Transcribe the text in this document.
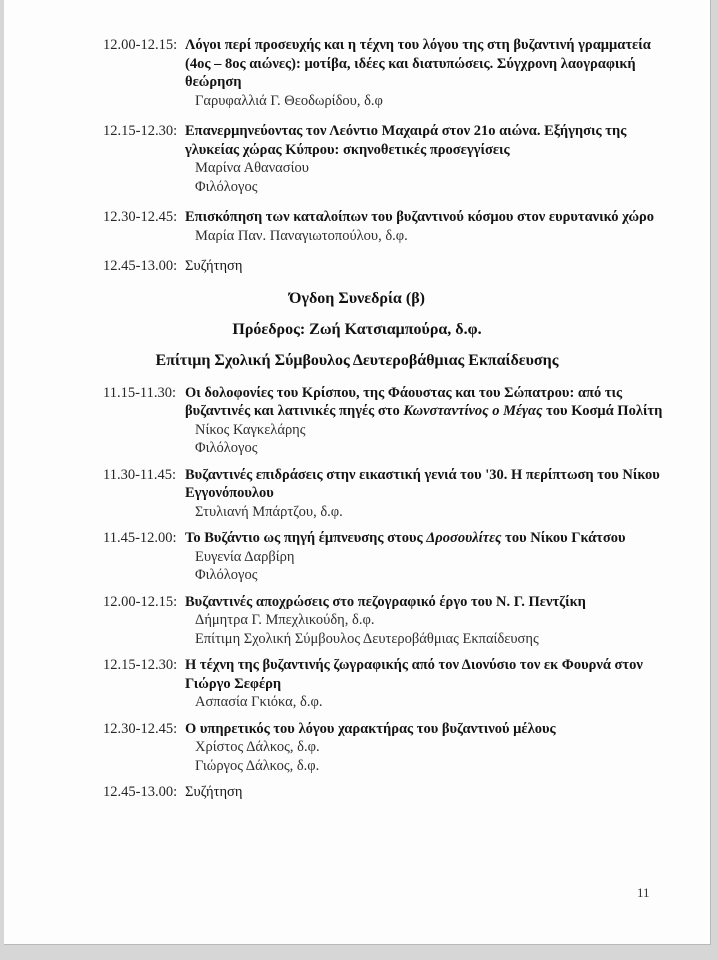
12.00-12.15: Λόγοι περί προσευχής και η τέχνη του λόγου της στη βυζαντινή γραμματεία (4ος – 8ος αιώνες): μοτίβα, ιδέες και διατυπώσεις. Σύγχρονη λαογραφική θεώρηση
Γαρυφαλλιά Γ. Θεοδωρίδου, δ.φ
12.15-12.30: Επανερμηνεύοντας τον Λεόντιο Μαχαιρά στον 21ο αιώνα. Εξήγησις της γλυκείας χώρας Κύπρου: σκηνοθετικές προσεγγίσεις
Μαρίνα Αθανασίου
Φιλόλογος
12.30-12.45: Επισκόπηση των καταλοίπων του βυζαντινού κόσμου στον ευρυτανικό χώρο
Μαρία Παν. Παναγιωτοπούλου, δ.φ.
12.45-13.00: Συζήτηση
Όγδοη Συνεδρία (β)
Πρόεδρος: Ζωή Κατσιαμπούρα, δ.φ.
Επίτιμη Σχολική Σύμβουλος Δευτεροβάθμιας Εκπαίδευσης
11.15-11.30: Οι δολοφονίες του Κρίσπου, της Φάουστας και του Σώπατρου: από τις βυζαντινές και λατινικές πηγές στο Κωνσταντίνος ο Μέγας του Κοσμά Πολίτη
Νίκος Καγκελάρης
Φιλόλογος
11.30-11.45: Βυζαντινές επιδράσεις στην εικαστική γενιά του '30. Η περίπτωση του Νίκου Εγγονόπουλου
Στυλιανή Μπάρτζου, δ.φ.
11.45-12.00: Το Βυζάντιο ως πηγή έμπνευσης στους Δροσουλίτες του Νίκου Γκάτσου
Ευγενία Δαρβίρη
Φιλόλογος
12.00-12.15: Βυζαντινές αποχρώσεις στο πεζογραφικό έργο του Ν. Γ. Πεντζίκη
Δήμητρα Γ. Μπεχλικούδη, δ.φ.
Επίτιμη Σχολική Σύμβουλος Δευτεροβάθμιας Εκπαίδευσης
12.15-12.30: Η τέχνη της βυζαντινής ζωγραφικής από τον Διονύσιο τον εκ Φουρνά στον Γιώργο Σεφέρη
Ασπασία Γκιόκα, δ.φ.
12.30-12.45: Ο υπηρετικός του λόγου χαρακτήρας του βυζαντινού μέλους
Χρίστος Δάλκος, δ.φ.
Γιώργος Δάλκος, δ.φ.
12.45-13.00: Συζήτηση
11
